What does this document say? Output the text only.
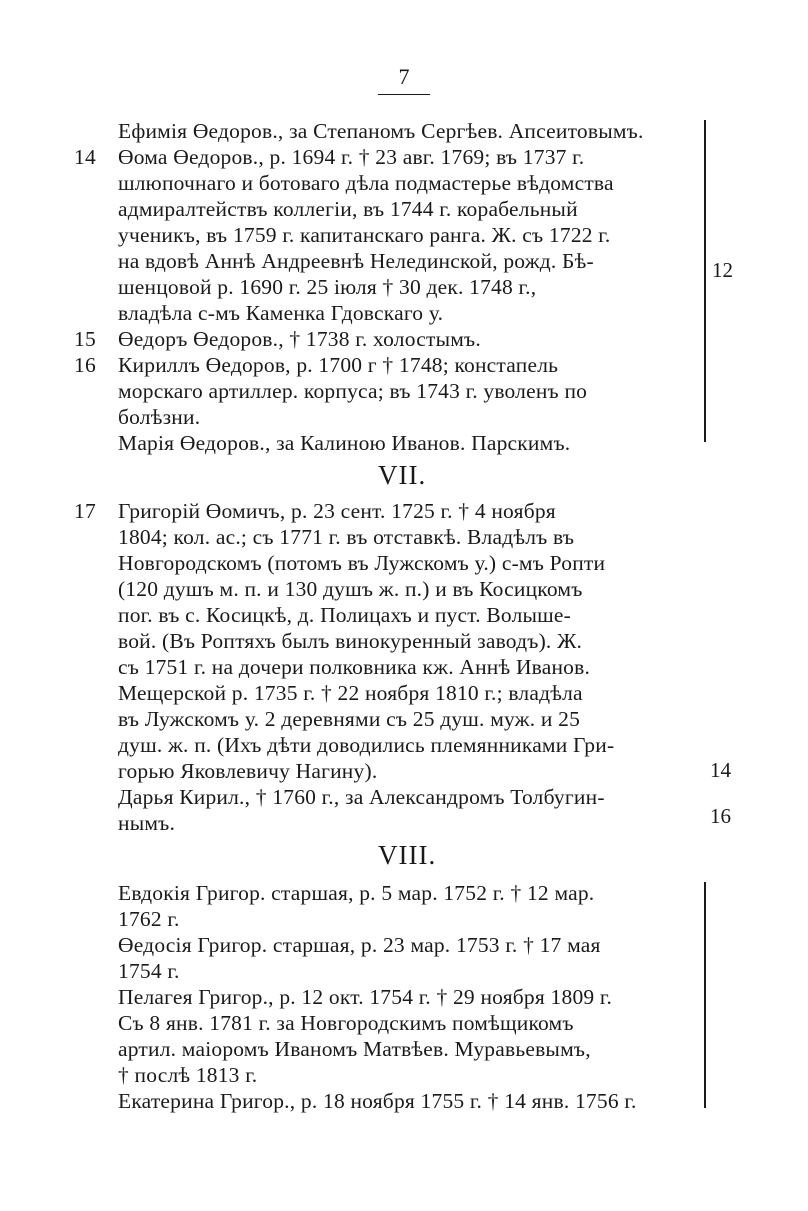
7
Ефимія Өедоров., за Степаномъ Сергѣев. Апсеитовымъ.
14 Өома Өедоров., р. 1694 г. † 23 авг. 1769; въ 1737 г.
шлюпочнаго и ботоваго дѣла подмастерье вѣдомства
адмиралтействъ коллегіи, въ 1744 г. корабельный
ученикъ, въ 1759 г. капитанскаго ранга. Ж. съ 1722 г.
на вдовѣ Аннѣ Андреевнѣ Нелединской, рожд. Бѣ-
шенцовой р. 1690 г. 25 іюля † 30 дек. 1748 г.,
владѣла с-мъ Каменка Гдовскаго у.
15 Өедоръ Өедоров., † 1738 г. холостымъ.
16 Кириллъ Өедоров, р. 1700 г † 1748; констапель
морскаго артиллер. корпуса; въ 1743 г. уволенъ по
болѣзни.
Марія Өедоров., за Калиною Иванов. Парскимъ.
12
VII.
17 Григорій Өомичъ, р. 23 сент. 1725 г. † 4 ноября
1804; кол. ас.; съ 1771 г. въ отставкѣ. Владѣлъ въ
Новгородскомъ (потомъ въ Лужскомъ у.) с-мъ Ропти
(120 душъ м. п. и 130 душъ ж. п.) и въ Косицкомъ
пог. въ с. Косицкѣ, д. Полицахъ и пуст. Волыше-
вой. (Въ Роптяхъ былъ винокуренный заводъ). Ж.
съ 1751 г. на дочери полковника кж. Аннѣ Иванов.
Мещерской р. 1735 г. † 22 ноября 1810 г.; владѣла
въ Лужскомъ у. 2 деревнями съ 25 душ. муж. и 25
душ. ж. п. (Ихъ дѣти доводились племянниками Гри-
горью Яковлевичу Нагину).
Дарья Кирил., † 1760 г., за Александромъ Толбугин-
нымъ.
14
16
VIII.
Евдокія Григор. старшая, р. 5 мар. 1752 г. † 12 мар.
1762 г.
Өедосія Григор. старшая, р. 23 мар. 1753 г. † 17 мая
1754 г.
Пелагея Григор., р. 12 окт. 1754 г. † 29 ноября 1809 г.
Съ 8 янв. 1781 г. за Новгородскимъ помѣщикомъ
артил. маіоромъ Иваномъ Матвѣев. Муравьевымъ,
† послѣ 1813 г.
Екатерина Григор., р. 18 ноября 1755 г. † 14 янв. 1756 г.
